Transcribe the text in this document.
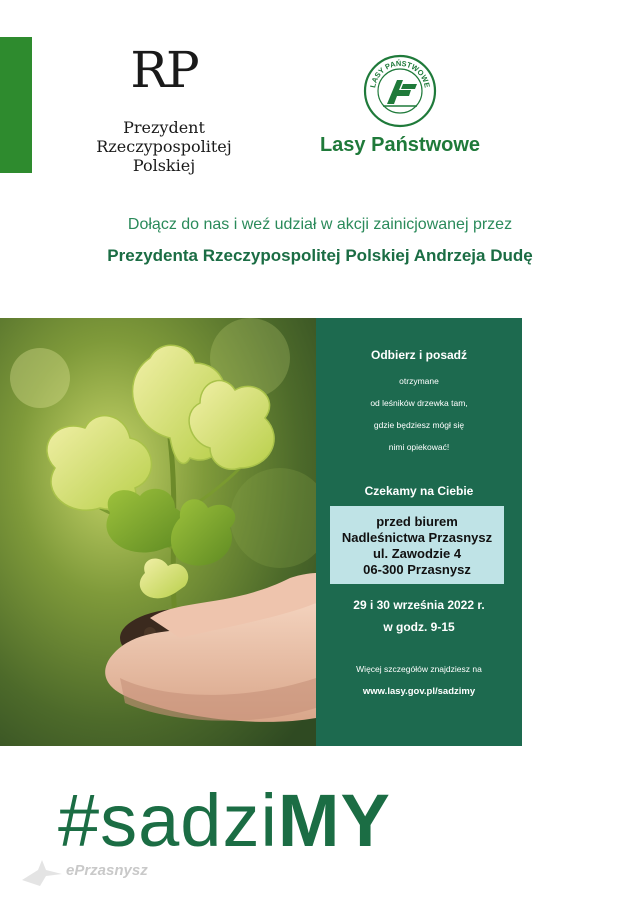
RP
Prezydent
Rzeczypospolitej
Polskiej
LASY PAŃSTWOWE
Lasy Państwowe
Dołącz do nas i weź udział w akcji zainicjowanej przez
Prezydenta Rzeczypospolitej Polskiej Andrzeja Dudę
Odbierz i posadź
otrzymane
od leśników drzewka tam,
gdzie będziesz mógł się
nimi opiekować!
Czekamy na Ciebie
przed biurem
Nadleśnictwa Przasnysz
ul. Zawodzie 4
06-300 Przasnysz
29 i 30 września 2022 r.
w godz. 9-15
Więcej szczegółów znajdziesz na
www.lasy.gov.pl/sadzimy
#sadziMY
ePrzasnysz
